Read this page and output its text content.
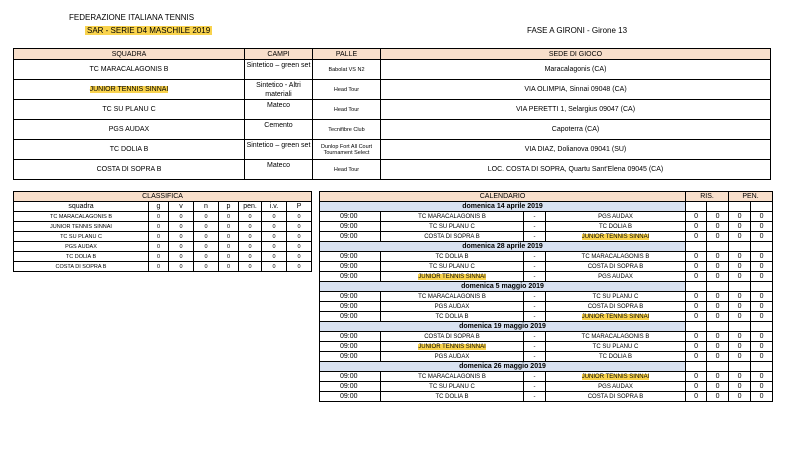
FEDERAZIONE ITALIANA TENNIS
SAR - SERIE D4 MASCHILE 2019	FASE A GIRONI - Girone 13
SQUADRA	CAMPI	PALLE	SEDE DI GIOCO
TC MARACALAGONIS B	Sintetico – green set	Babolat VS N2	Maracalagonis (CA)
JUNIOR TENNIS SINNAI	Sintetico - Altri materiali	Head Tour	VIA OLIMPIA, Sinnai 09048 (CA)
TC SU PLANU C	Mateco	Head Tour	VIA PERETTI 1, Selargius 09047 (CA)
PGS AUDAX	Cemento	Tecnifibre Club	Capoterra (CA)
TC DOLIA B	Sintetico – green set	Dunlop Fort All Court Tournament Select	VIA DIAZ, Dolianova 09041 (SU)
COSTA DI SOPRA B	Mateco	Head Tour	LOC. COSTA DI SOPRA, Quartu Sant'Elena 09045 (CA)
CLASSIFICA							
squadra	g	v	n	p	pen.	i.v.	P
TC MARACALAGONIS B	0	0	0	0	0	0	0
JUNIOR TENNIS SINNAI	0	0	0	0	0	0	0
TC SU PLANU C	0	0	0	0	0	0	0
PGS AUDAX	0	0	0	0	0	0	0
TC DOLIA B	0	0	0	0	0	0	0
COSTA DI SOPRA B	0	0	0	0	0	0	0
CALENDARIO				RIS.		PEN.	
domenica 14 aprile 2019							
09:00	TC MARACALAGONIS B	-	PGS AUDAX	0	0	0	0
09:00	TC SU PLANU C	-	TC DOLIA B	0	0	0	0
09:00	COSTA DI SOPRA B	-	JUNIOR TENNIS SINNAI	0	0	0	0
domenica 28 aprile 2019							
09:00	TC DOLIA B	-	TC MARACALAGONIS B	0	0	0	0
09:00	TC SU PLANU C	-	COSTA DI SOPRA B	0	0	0	0
09:00	JUNIOR TENNIS SINNAI	-	PGS AUDAX	0	0	0	0
domenica 5 maggio 2019							
09:00	TC MARACALAGONIS B	-	TC SU PLANU C	0	0	0	0
09:00	PGS AUDAX	-	COSTA DI SOPRA B	0	0	0	0
09:00	TC DOLIA B	-	JUNIOR TENNIS SINNAI	0	0	0	0
domenica 19 maggio 2019							
09:00	COSTA DI SOPRA B	-	TC MARACALAGONIS B	0	0	0	0
09:00	JUNIOR TENNIS SINNAI	-	TC SU PLANU C	0	0	0	0
09:00	PGS AUDAX	-	TC DOLIA B	0	0	0	0
domenica 26 maggio 2019							
09:00	TC MARACALAGONIS B	-	JUNIOR TENNIS SINNAI	0	0	0	0
09:00	TC SU PLANU C	-	PGS AUDAX	0	0	0	0
09:00	TC DOLIA B	-	COSTA DI SOPRA B	0	0	0	0
